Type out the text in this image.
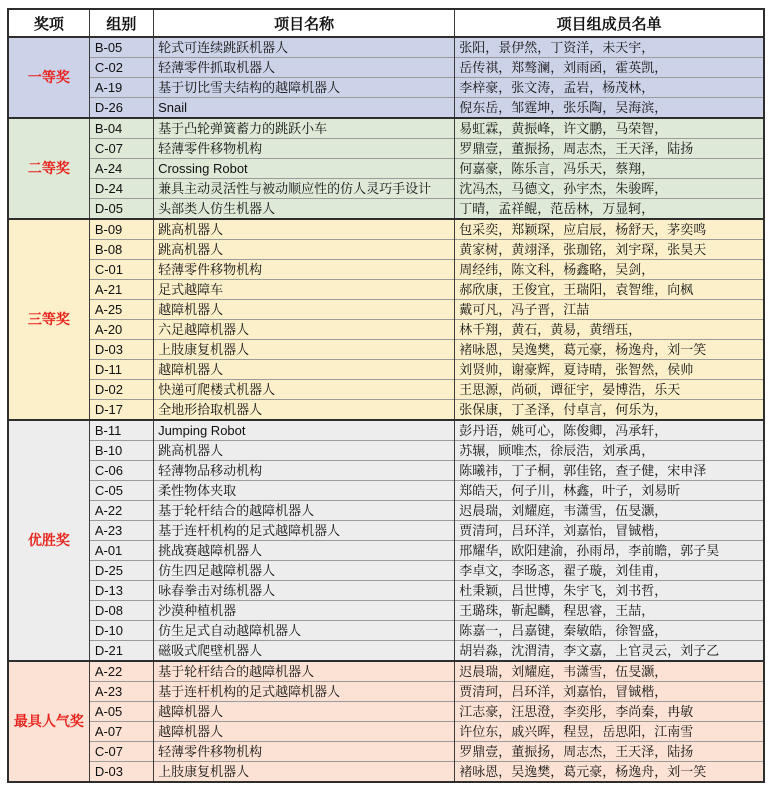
奖项	组别	项目名称	项目组成员名单
一等奖	B-05	轮式可连续跳跃机器人	张阳，景伊然，丁资洋，未天宇，
	C-02	轻薄零件抓取机器人	岳传祺，郑骜澜，刘雨函，霍英凯，
	A-19	基于切比雪夫结构的越障机器人	李梓豪，张文涛，孟岩，杨茂林，
	D-26	Snail	倪东岳，邹霆坤，张乐陶，吴海滨，
二等奖	B-04	基于凸轮弹簧蓄力的跳跃小车	易虹霖，黄振峰，许文鹏，马荣智，
	C-07	轻薄零件移物机构	罗鼎壹，董振扬，周志杰，王天泽，陆扬
	A-24	Crossing Robot	何嘉豪，陈乐言，冯乐天，蔡翔，
	D-24	兼具主动灵活性与被动顺应性的仿人灵巧手设计	沈冯杰，马德文，孙宇杰，朱骏晖，
	D-05	头部类人仿生机器人	丁晴，孟祥鲲，范岳林，万显轲，
三等奖	B-09	跳高机器人	包采奕，郑颖琛，应启辰，杨舒天，茅奕鸣
	B-08	跳高机器人	黄家树，黄翊泽，张珈铭，刘宇琛，张昊天
	C-01	轻薄零件移物机构	周经纬，陈文科，杨鑫略，吴剑，
	A-21	足式越障车	郝欣康，王俊宜，王瑞阳，袁智维，向枫
	A-25	越障机器人	戴可凡，冯子晋，江喆
	A-20	六足越障机器人	林千翔，黄石，黄易，黄缙珏，
	D-03	上肢康复机器人	褚咏恩，吴逸樊，葛元豪，杨逸舟，刘一笑
	D-11	越障机器人	刘贤帅，谢豪辉，夏诗晴，张智然，侯帅
	D-02	快递可爬楼式机器人	王思源，尚硕，谭征宇，晏博浩，乐天
	D-17	全地形拾取机器人	张保康，丁圣泽，付卓言，何乐为，
优胜奖	B-11	Jumping Robot	彭丹语，姚可心，陈俊卿，冯承轩，
	B-10	跳高机器人	苏辗，顾唯杰，徐辰浩，刘承禹，
	C-06	轻薄物品移动机构	陈曦祎，丁子桐，郭佳铭，查子健，宋申泽
	C-05	柔性物体夹取	郑皓天，何子川，林鑫，叶子，刘易昕
	A-22	基于轮杆结合的越障机器人	迟晨瑞，刘耀庭，韦潇雪，伍旻灏，
	A-23	基于连杆机构的足式越障机器人	贾清珂，吕环洋，刘嘉怡，冒铖楷，
	A-01	挑战赛越障机器人	邢耀华，欧阳建渝，孙雨昂，李前瞻，郭子昊
	D-25	仿生四足越障机器人	李卓文，李旸忞，翟子璇，刘佳甫，
	D-13	咏春拳击对练机器人	杜秉颖，吕世博，朱宇飞，刘书哲，
	D-08	沙漠种植机器	王璐珠，靳起麟，程思睿，王喆，
	D-10	仿生足式自动越障机器人	陈嘉一，吕嘉键，秦敏皓，徐智盛，
	D-21	磁吸式爬壁机器人	胡岩淼，沈渭清，李文嘉，上官灵云，刘子乙
最具人气奖	A-22	基于轮杆结合的越障机器人	迟晨瑞，刘耀庭，韦潇雪，伍旻灏，
	A-23	基于连杆机构的足式越障机器人	贾清珂，吕环洋，刘嘉怡，冒铖楷，
	A-05	越障机器人	江志豪，汪思澄，李奕彤，李尚秦，冉敏
	A-07	越障机器人	许位东，戚兴晖，程昱，岳思阳，江南雪
	C-07	轻薄零件移物机构	罗鼎壹，董振扬，周志杰，王天泽，陆扬
	D-03	上肢康复机器人	褚咏恩，吴逸樊，葛元豪，杨逸舟，刘一笑
